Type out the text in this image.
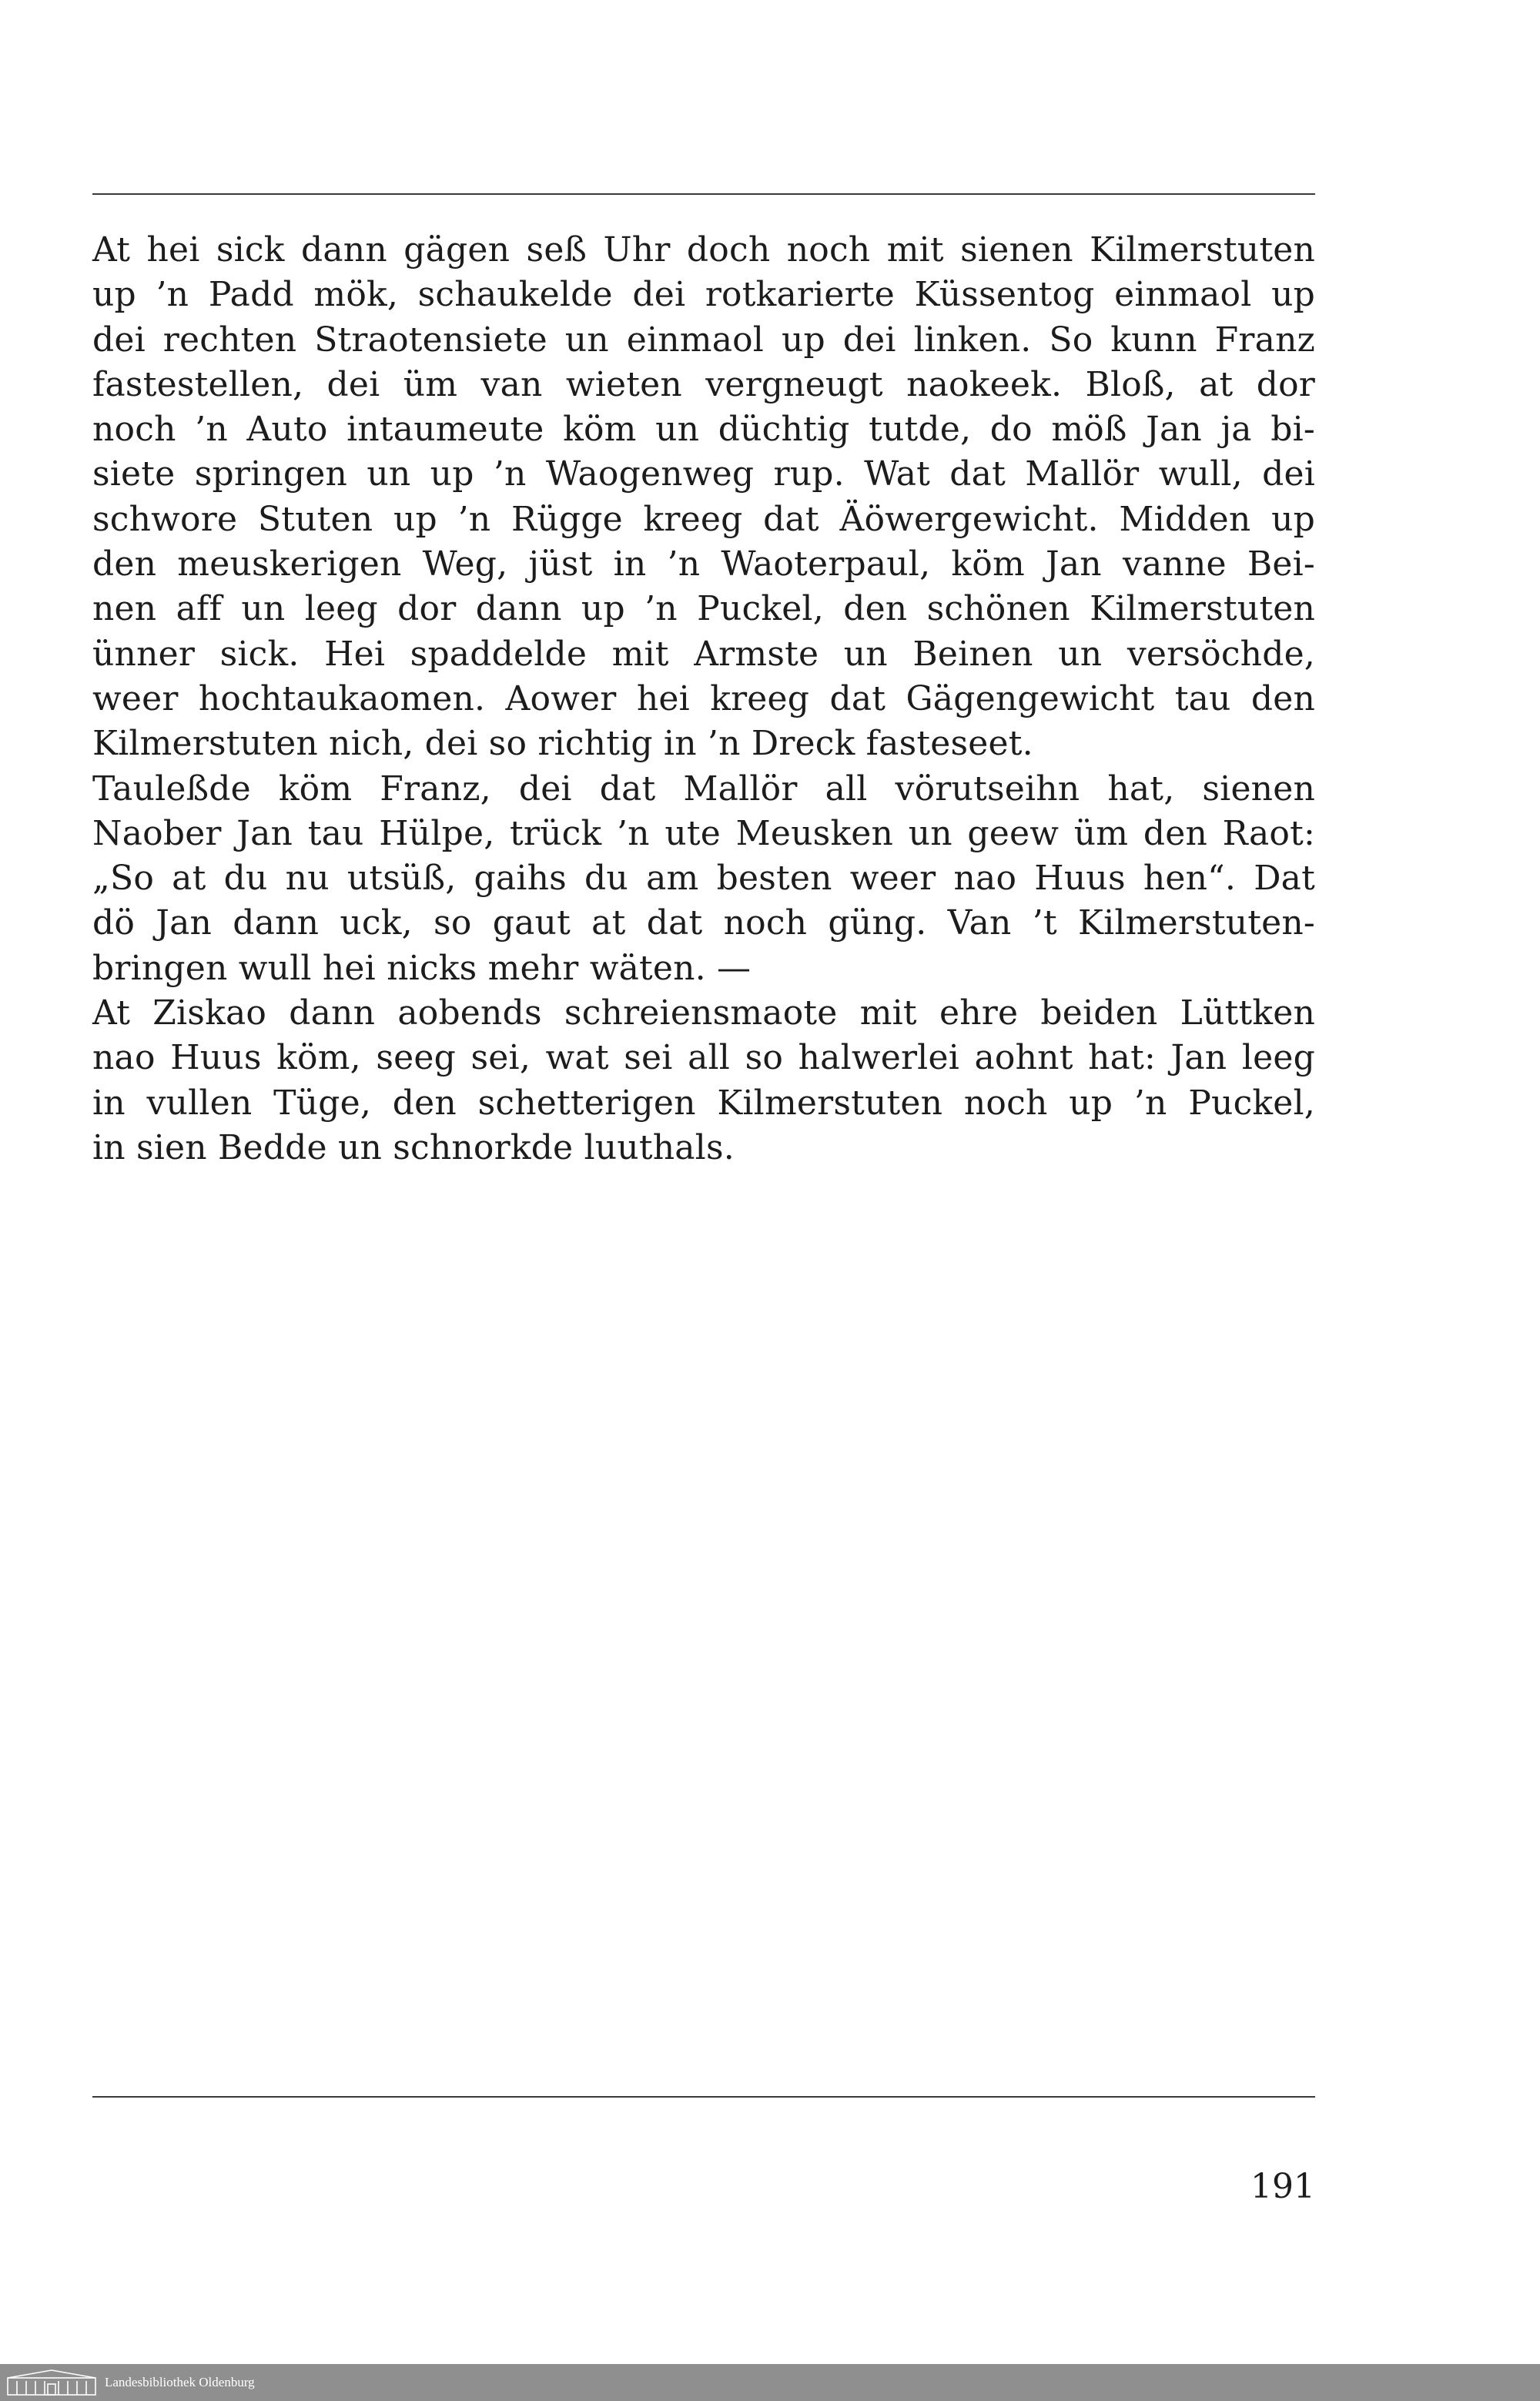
At hei sick dann gägen seß Uhr doch noch mit sienen Kilmerstuten
up ’n Padd mök, schaukelde dei rotkarierte Küssentog einmaol up
dei rechten Straotensiete un einmaol up dei linken. So kunn Franz
fastestellen, dei üm van wieten vergneugt naokeek. Bloß, at dor
noch ’n Auto intaumeute köm un düchtig tutde, do möß Jan ja bi-
siete springen un up ’n Waogenweg rup. Wat dat Mallör wull, dei
schwore Stuten up ’n Rügge kreeg dat Äöwergewicht. Midden up
den meuskerigen Weg, jüst in ’n Waoterpaul, köm Jan vanne Bei-
nen aff un leeg dor dann up ’n Puckel, den schönen Kilmerstuten
ünner sick. Hei spaddelde mit Armste un Beinen un versöchde,
weer hochtaukaomen. Aower hei kreeg dat Gägengewicht tau den
Kilmerstuten nich, dei so richtig in ’n Dreck fasteseet.
Tauleßde köm Franz, dei dat Mallör all vörutseihn hat, sienen
Naober Jan tau Hülpe, trück ’n ute Meusken un geew üm den Raot:
„So at du nu utsüß, gaihs du am besten weer nao Huus hen“. Dat
dö Jan dann uck, so gaut at dat noch güng. Van ’t Kilmerstuten-
bringen wull hei nicks mehr wäten. —
At Ziskao dann aobends schreiensmaote mit ehre beiden Lüttken
nao Huus köm, seeg sei, wat sei all so halwerlei aohnt hat: Jan leeg
in vullen Tüge, den schetterigen Kilmerstuten noch up ’n Puckel,
in sien Bedde un schnorkde luuthals.
191
Landesbibliothek Oldenburg
